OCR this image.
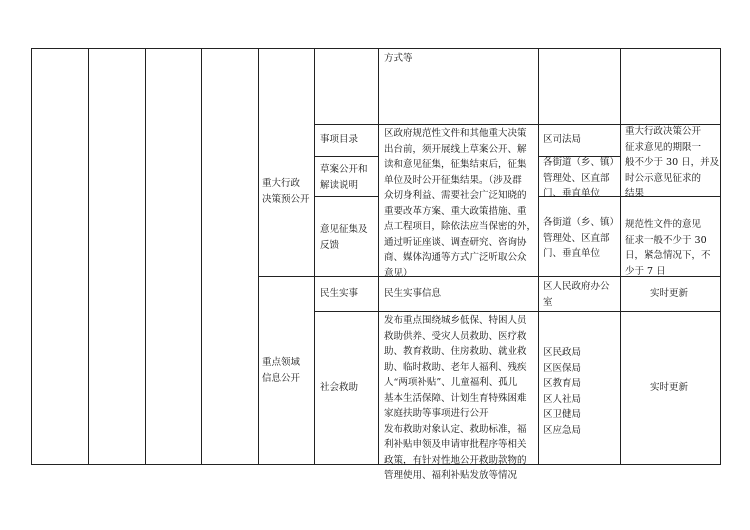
方式等
重大行政
决策预公开
事项目录
草案公开和
解读说明
意见征集及
反馈
区政府规范性文件和其他重大决策
出台前，须开展线上草案公开、解
读和意见征集，征集结束后，征集
单位及时公开征集结果。（涉及群
众切身利益、需要社会广泛知晓的
重要改革方案、重大政策措施、重
点工程项目，除依法应当保密的外，
通过听证座谈、调查研究、咨询协
商、媒体沟通等方式广泛听取公众
意见）
区司法局
各街道（乡、镇）
管理处、区直部
门、垂直单位
各街道（乡、镇）
管理处、区直部
门、垂直单位
重大行政决策公开
征求意见的期限一
般不少于 30 日，并及
时公示意见征求的
结果
规范性文件的意见
征求一般不少于 30
日，紧急情况下，不
少于 7 日
重点领域
信息公开
民生实事	民生实事信息
区人民政府办公
室
实时更新
社会救助
发布重点围绕城乡低保、特困人员
救助供养、受灾人员救助、医疗救
助、教育救助、住房救助、就业救
助、临时救助、老年人福利、残疾
人“两项补贴”、儿童福利、孤儿
基本生活保障、计划生育特殊困难
家庭扶助等事项进行公开
发布救助对象认定、救助标准，福
利补贴申领及申请审批程序等相关
政策，有针对性地公开救助款物的
管理使用、福利补贴发放等情况
区民政局
区医保局
区教育局
区人社局
区卫健局
区应急局
实时更新
